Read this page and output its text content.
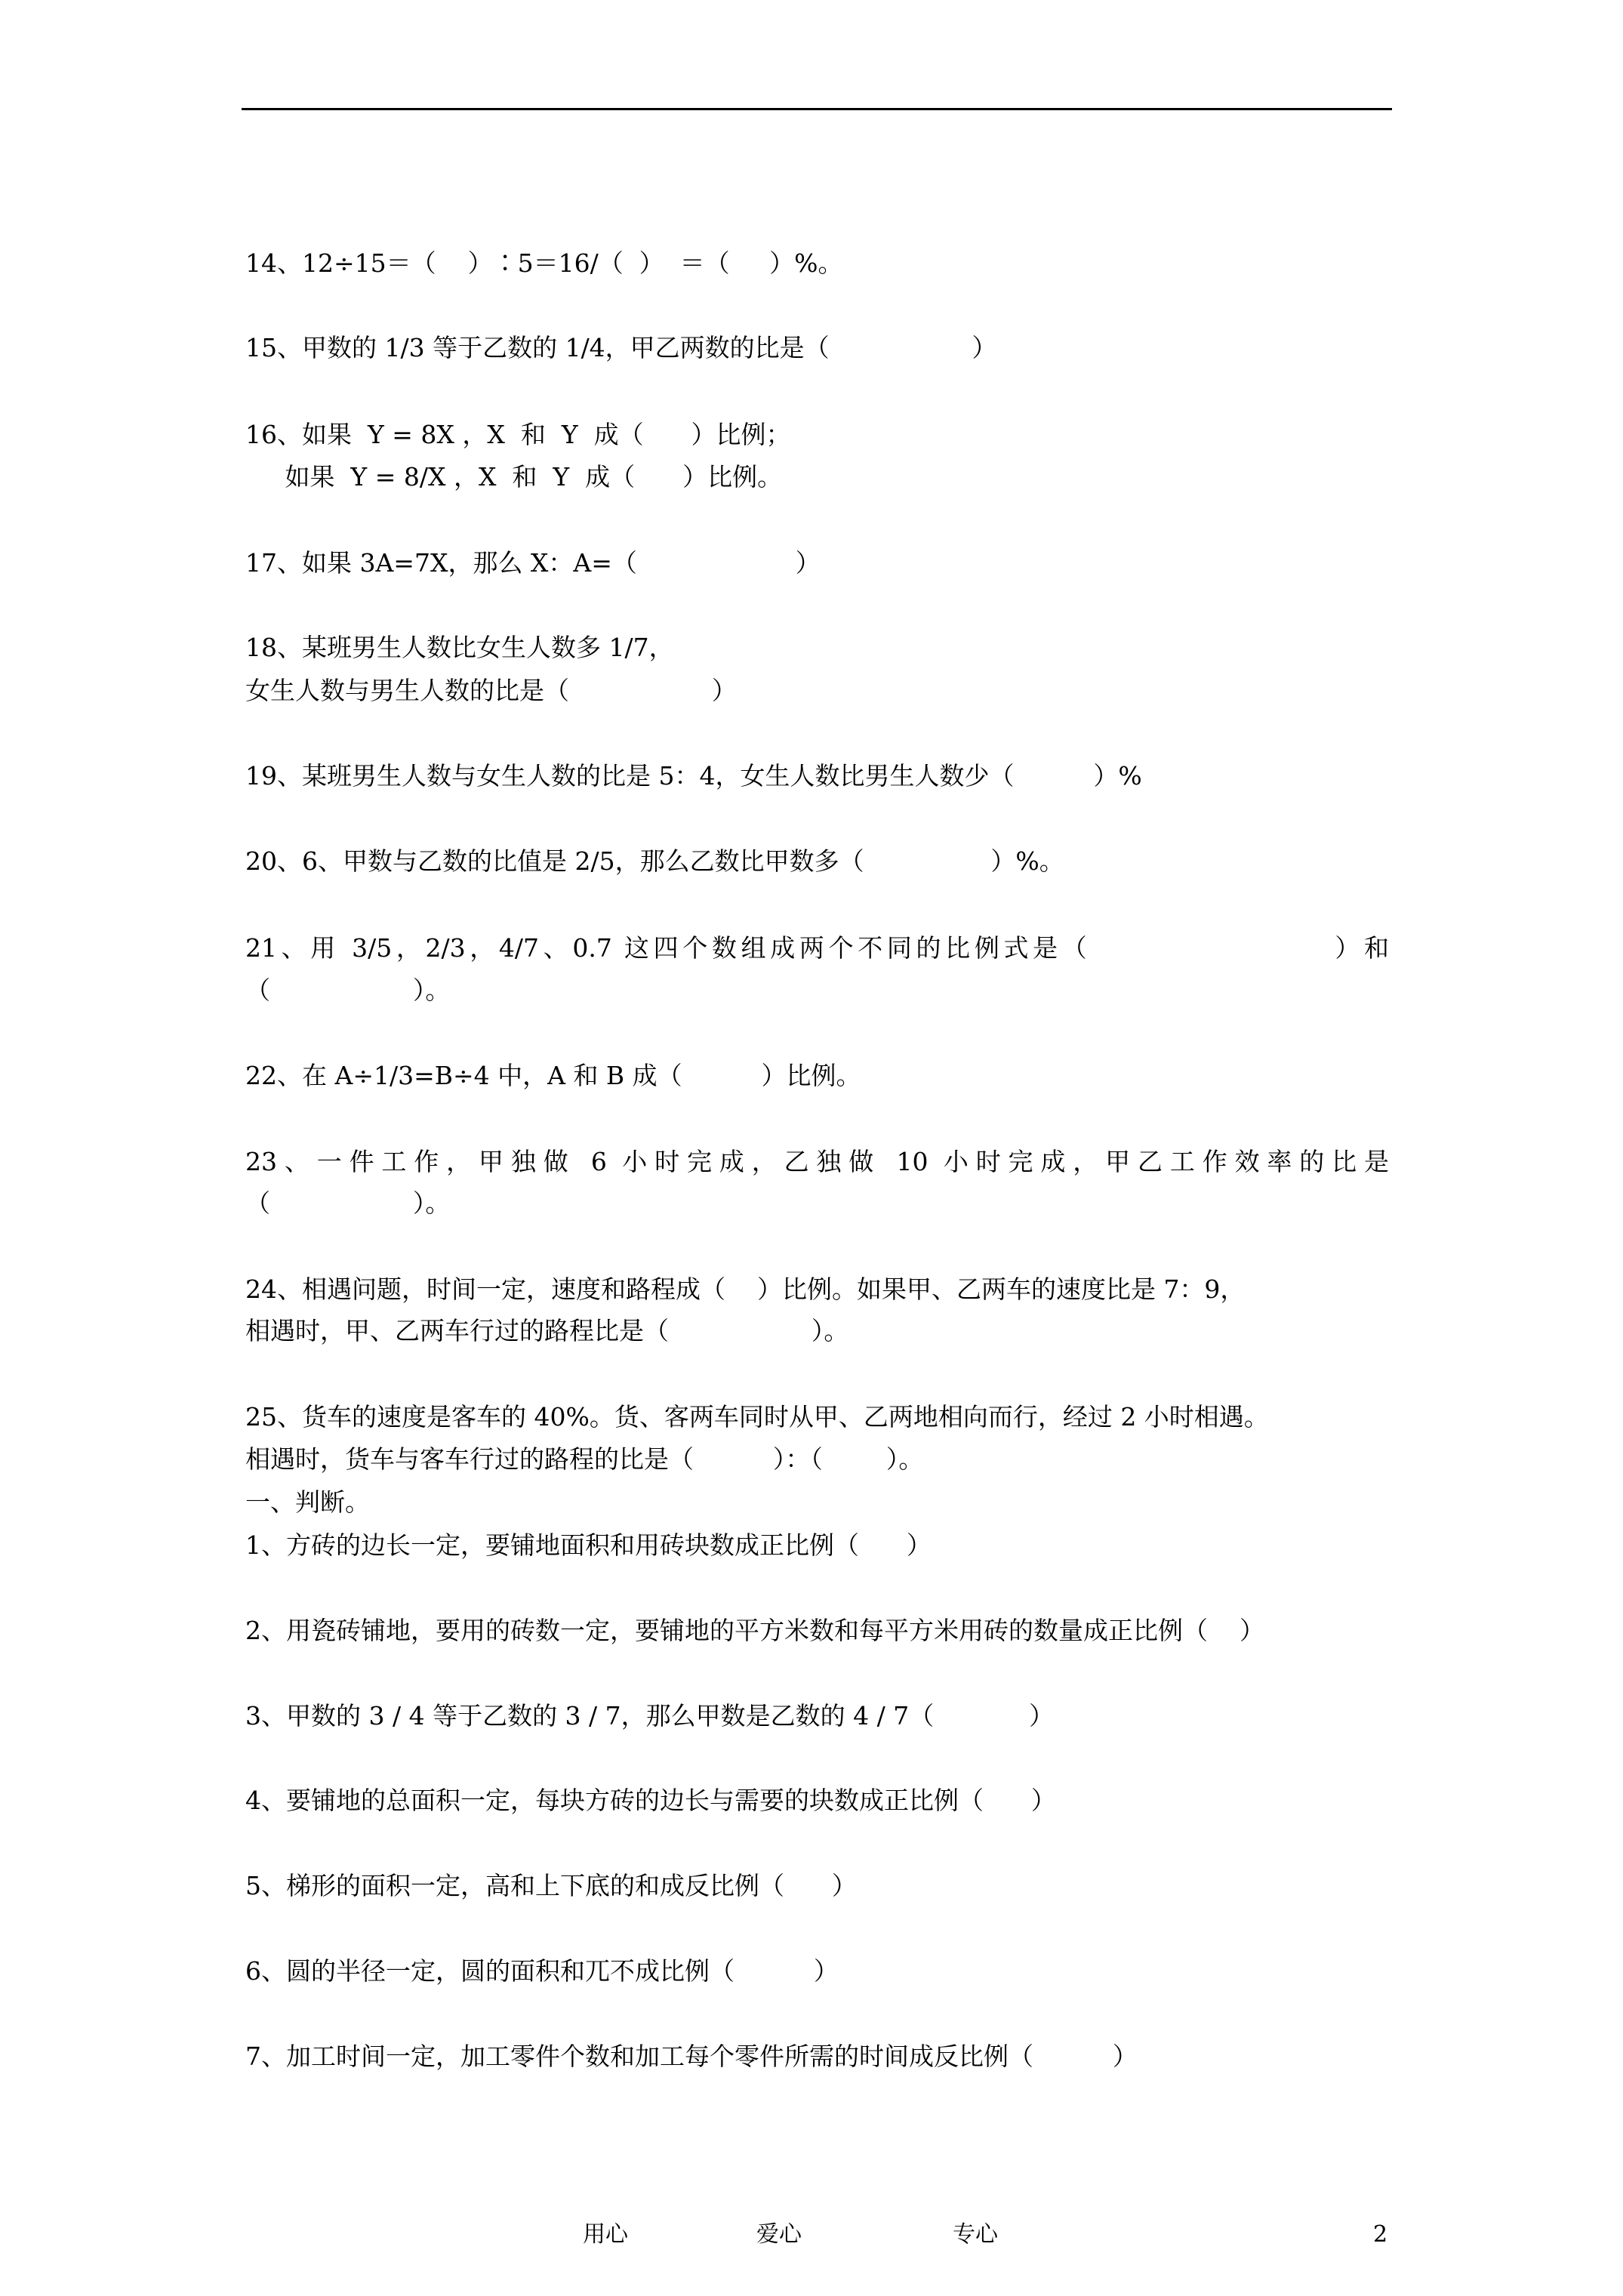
14、12÷15＝（    ）∶5＝16/（  ）  ＝（     ）%。
15、甲数的 1/3 等于乙数的 1/4，甲乙两数的比是（                  ）
16、如果  Y = 8X ，X  和  Y  成（      ）比例；
如果  Y = 8/X ，X  和  Y  成（      ）比例。
17、如果 3A=7X，那么 X：A=（                    ）
18、某班男生人数比女生人数多 1/7，
女生人数与男生人数的比是（                  ）
19、某班男生人数与女生人数的比是 5：4，女生人数比男生人数少（          ）%
20、6、甲数与乙数的比值是 2/5，那么乙数比甲数多（                ）%。
21、用 3/5，2/3，4/7、0.7 这四个数组成两个不同的比例式是（                    ）和
（                  ）。
22、在 A÷1/3=B÷4 中，A 和 B 成（          ）比例。
23、一件工作，甲独做 6 小时完成，乙独做 10 小时完成，甲乙工作效率的比是
（                  ）。
24、相遇问题，时间一定，速度和路程成（    ）比例。如果甲、乙两车的速度比是 7：9，
相遇时，甲、乙两车行过的路程比是（                  ）。
25、货车的速度是客车的 40%。货、客两车同时从甲、乙两地相向而行，经过 2 小时相遇。
相遇时，货车与客车行过的路程的比是（          ）：（        ）。
一、判断。
1、方砖的边长一定，要铺地面积和用砖块数成正比例（      ）
2、用瓷砖铺地，要用的砖数一定，要铺地的平方米数和每平方米用砖的数量成正比例（    ）
3、甲数的 3 / 4 等于乙数的 3 / 7，那么甲数是乙数的 4 / 7（            ）
4、要铺地的总面积一定，每块方砖的边长与需要的块数成正比例（      ）
5、梯形的面积一定，高和上下底的和成反比例（      ）
6、圆的半径一定，圆的面积和兀不成比例（          ）
7、加工时间一定，加工零件个数和加工每个零件所需的时间成反比例（          ）
用心	爱心	专心	2
